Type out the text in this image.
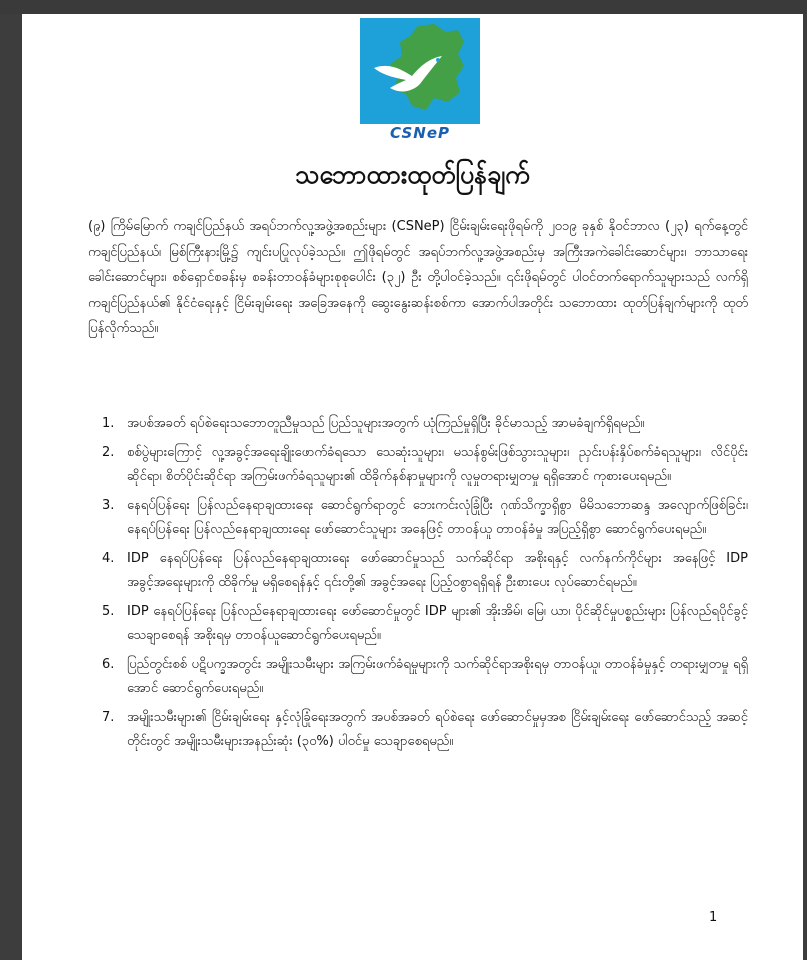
CSNeP
သဘောထားထုတ်ပြန်ချက်
(၉) ကြိမ်မြောက် ကချင်ပြည်နယ် အရပ်ဘက်လူ့အဖွဲ့အစည်းများ (CSNeP) ငြိမ်းချမ်းရေးဖိုရမ်ကို ၂၀၁၉ ခုနှစ် နိုဝင်ဘာလ (၂၃) ရက်နေ့တွင် ကချင်ပြည်နယ်၊ မြစ်ကြီးနားမြို့၌ ကျင်းပပြုလုပ်ခဲ့သည်။ ဤဖိုရမ်တွင် အရပ်ဘက်လူ့အဖွဲ့အစည်းမှ အကြီးအကဲခေါင်းဆောင်များ၊ ဘာသာရေးခေါင်းဆောင်များ၊ စစ်ရှောင်စခန်းမှ စခန်းတာဝန်ခံများစုစုပေါင်း (၃၂) ဦး တို့ပါဝင်ခဲ့သည်။ ၎င်းဖိုရမ်တွင် ပါဝင်တက်ရောက်သူများသည် လက်ရှိကချင်ပြည်နယ်၏ နိုင်ငံရေးနှင့် ငြိမ်းချမ်းရေး အခြေအနေကို ဆွေးနွေးဆန်းစစ်ကာ အောက်ပါအတိုင်း သဘောထား ထုတ်ပြန်ချက်များကို ထုတ်ပြန်လိုက်သည်။
1. အပစ်အခတ် ရပ်စဲရေးသဘောတူညီမှုသည် ပြည်သူများအတွက် ယုံကြည်မှုရှိပြီး ခိုင်မာသည့် အာမခံချက်ရှိရမည်။
2. စစ်ပွဲများကြောင့် လူ့အခွင့်အရေးချိုးဖောက်ခံရသော သေဆုံးသူများ၊ မသန်စွမ်းဖြစ်သွားသူများ၊ ညှင်းပန်းနှိပ်စက်ခံရသူများ၊ လိင်ပိုင်းဆိုင်ရာ၊ စိတ်ပိုင်းဆိုင်ရာ အကြမ်းဖက်ခံရသူများ၏ ထိခိုက်နစ်နာမှုများကို လူမှုတရားမျှတမှု ရရှိအောင် ကုစားပေးရမည်။
3. နေရပ်ပြန်ရေး ပြန်လည်နေရာချထားရေး ဆောင်ရွက်ရာတွင် ဘေးကင်းလုံခြုံပြီး ဂုဏ်သိက္ခာရှိစွာ မိမိသဘောဆန္ဒ အလျောက်ဖြစ်ခြင်း၊ နေရပ်ပြန်ရေး ပြန်လည်နေရာချထားရေး ဖော်ဆောင်သူများ အနေဖြင့် တာဝန်ယူ တာဝန်ခံမှု အပြည့်ရှိစွာ ဆောင်ရွက်ပေးရမည်။
4. IDP နေရပ်ပြန်ရေး ပြန်လည်နေရာချထားရေး ဖော်ဆောင်မှုသည် သက်ဆိုင်ရာ အစိုးရနှင့် လက်နက်ကိုင်များ အနေဖြင့် IDP အခွင့်အရေးများကို ထိခိုက်မှု မရှိစေရန်နှင့် ၎င်းတို့၏ အခွင့်အရေး ပြည့်ဝစွာရရှိရန် ဦးစားပေး လုပ်ဆောင်ရမည်။
5. IDP နေရပ်ပြန်ရေး ပြန်လည်နေရာချထားရေး ဖော်ဆောင်မှုတွင် IDP များ၏ အိုးအိမ်၊ မြေ၊ ယာ၊ ပိုင်ဆိုင်မှုပစ္စည်းများ ပြန်လည်ရပိုင်ခွင့် သေချာစေရန် အစိုးရမှ တာဝန်ယူဆောင်ရွက်ပေးရမည်။
6. ပြည်တွင်းစစ် ပဋိပက္ခအတွင်း အမျိုးသမီးများ အကြမ်းဖက်ခံရမှုများကို သက်ဆိုင်ရာအစိုးရမှ တာဝန်ယူ၊ တာဝန်ခံမှုနှင့် တရားမျှတမှု ရရှိအောင် ဆောင်ရွက်ပေးရမည်။
7. အမျိုးသမီးများ၏ ငြိမ်းချမ်းရေး နှင့်လုံခြုံရေးအတွက် အပစ်အခတ် ရပ်စဲရေး ဖော်ဆောင်မှုမှအစ ငြိမ်းချမ်းရေး ဖော်ဆောင်သည့် အဆင့်တိုင်းတွင် အမျိုးသမီးများအနည်းဆုံး (၃၀%) ပါဝင်မှု သေချာစေရမည်။
1
